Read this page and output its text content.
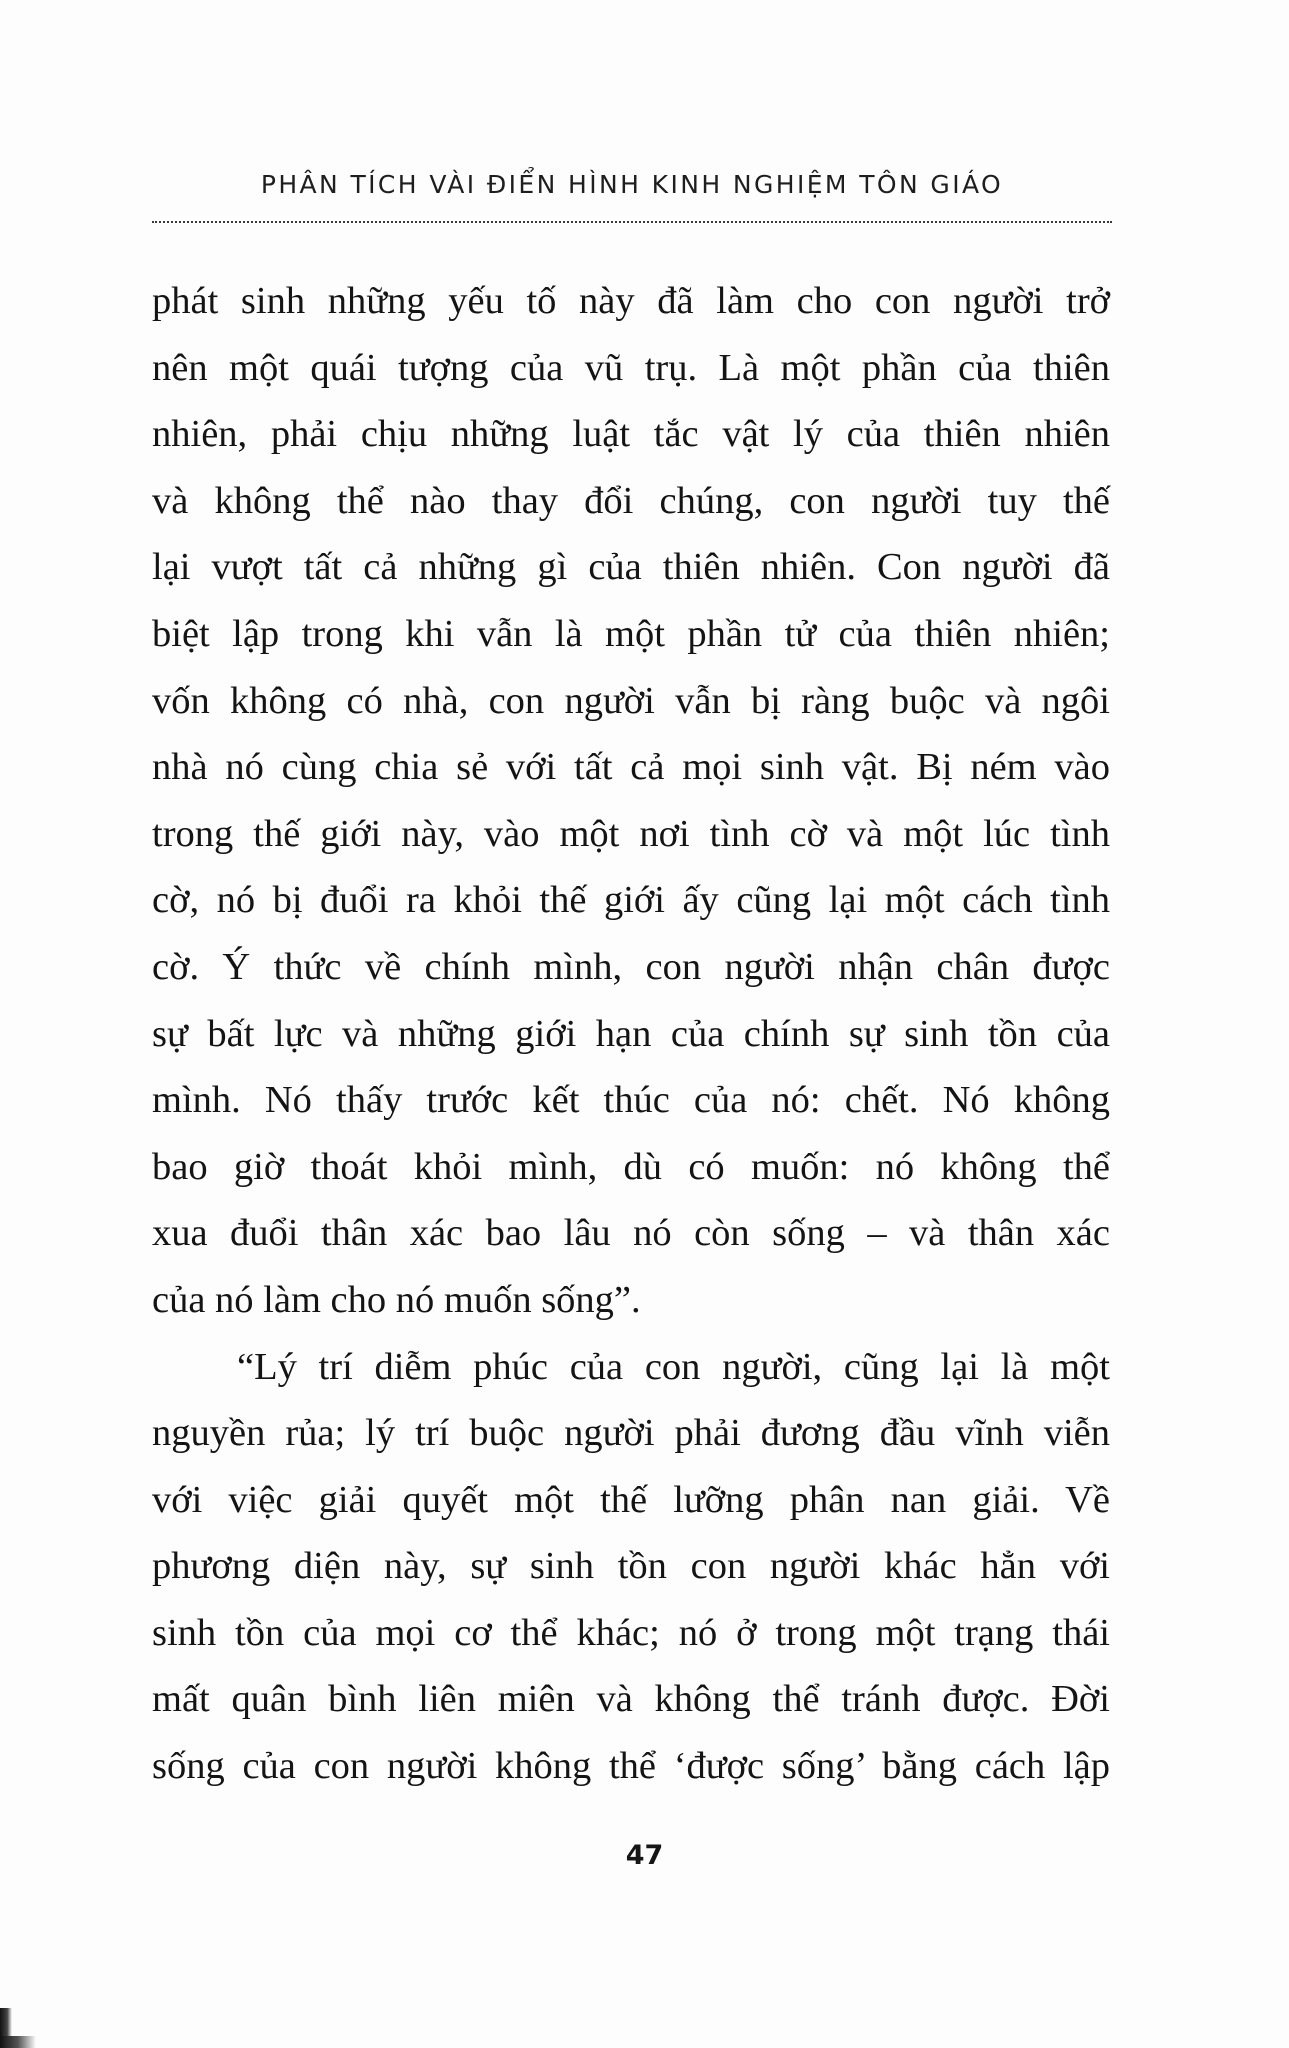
PHÂN TÍCH VÀI ĐIỂN HÌNH KINH NGHIỆM TÔN GIÁO
phát sinh những yếu tố này đã làm cho con người trở
nên một quái tượng của vũ trụ. Là một phần của thiên
nhiên, phải chịu những luật tắc vật lý của thiên nhiên
và không thể nào thay đổi chúng, con người tuy thế
lại vượt tất cả những gì của thiên nhiên. Con người đã
biệt lập trong khi vẫn là một phần tử của thiên nhiên;
vốn không có nhà, con người vẫn bị ràng buộc và ngôi
nhà nó cùng chia sẻ với tất cả mọi sinh vật. Bị ném vào
trong thế giới này, vào một nơi tình cờ và một lúc tình
cờ, nó bị đuổi ra khỏi thế giới ấy cũng lại một cách tình
cờ. Ý thức về chính mình, con người nhận chân được
sự bất lực và những giới hạn của chính sự sinh tồn của
mình. Nó thấy trước kết thúc của nó: chết. Nó không
bao giờ thoát khỏi mình, dù có muốn: nó không thể
xua đuổi thân xác bao lâu nó còn sống – và thân xác
của nó làm cho nó muốn sống”.
“Lý trí diễm phúc của con người, cũng lại là một
nguyền rủa; lý trí buộc người phải đương đầu vĩnh viễn
với việc giải quyết một thế lưỡng phân nan giải. Về
phương diện này, sự sinh tồn con người khác hẳn với
sinh tồn của mọi cơ thể khác; nó ở trong một trạng thái
mất quân bình liên miên và không thể tránh được. Đời
sống của con người không thể ‘được sống’ bằng cách lập
47
